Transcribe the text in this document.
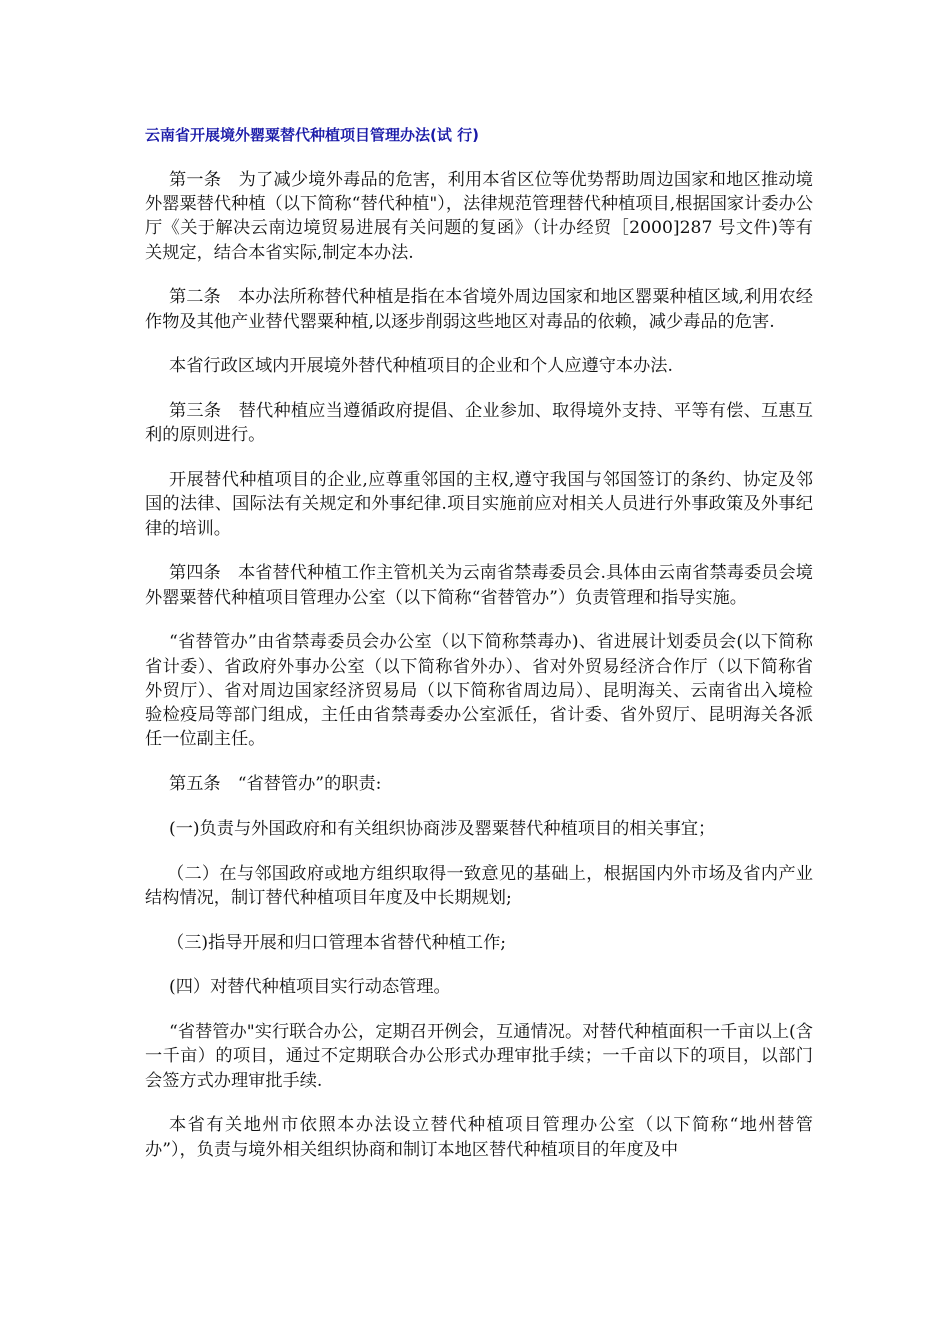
云南省开展境外罂粟替代种植项目管理办法(试 行)

第一条　为了减少境外毒品的危害，利用本省区位等优势帮助周边国家和地区推动境外罂粟替代种植（以下简称“替代种植"），法律规范管理替代种植项目,根据国家计委办公厅《关于解决云南边境贸易进展有关问题的复函》（计办经贸［2000]287 号文件)等有关规定，结合本省实际,制定本办法.

第二条　本办法所称替代种植是指在本省境外周边国家和地区罂粟种植区域,利用农经作物及其他产业替代罂粟种植,以逐步削弱这些地区对毒品的依赖，减少毒品的危害.

本省行政区域内开展境外替代种植项目的企业和个人应遵守本办法.

第三条　替代种植应当遵循政府提倡、企业参加、取得境外支持、平等有偿、互惠互利的原则进行。

开展替代种植项目的企业,应尊重邻国的主权,遵守我国与邻国签订的条约、协定及邻国的法律、国际法有关规定和外事纪律.项目实施前应对相关人员进行外事政策及外事纪律的培训。

第四条　本省替代种植工作主管机关为云南省禁毒委员会.具体由云南省禁毒委员会境外罂粟替代种植项目管理办公室（以下简称“省替管办”）负责管理和指导实施。

“省替管办”由省禁毒委员会办公室（以下简称禁毒办)、省进展计划委员会(以下简称省计委）、省政府外事办公室（以下简称省外办）、省对外贸易经济合作厅（以下简称省外贸厅）、省对周边国家经济贸易局（以下简称省周边局）、昆明海关、云南省出入境检验检疫局等部门组成，主任由省禁毒委办公室派任，省计委、省外贸厅、昆明海关各派任一位副主任。

第五条　“省替管办”的职责:

(一)负责与外国政府和有关组织协商涉及罂粟替代种植项目的相关事宜；

（二）在与邻国政府或地方组织取得一致意见的基础上，根据国内外市场及省内产业结构情况，制订替代种植项目年度及中长期规划;

（三)指导开展和归口管理本省替代种植工作;

(四）对替代种植项目实行动态管理。

“省替管办"实行联合办公，定期召开例会，互通情况。对替代种植面积一千亩以上(含一千亩）的项目，通过不定期联合办公形式办理审批手续；一千亩以下的项目，以部门会签方式办理审批手续.

本省有关地州市依照本办法设立替代种植项目管理办公室（以下简称“地州替管办”），负责与境外相关组织协商和制订本地区替代种植项目的年度及中
